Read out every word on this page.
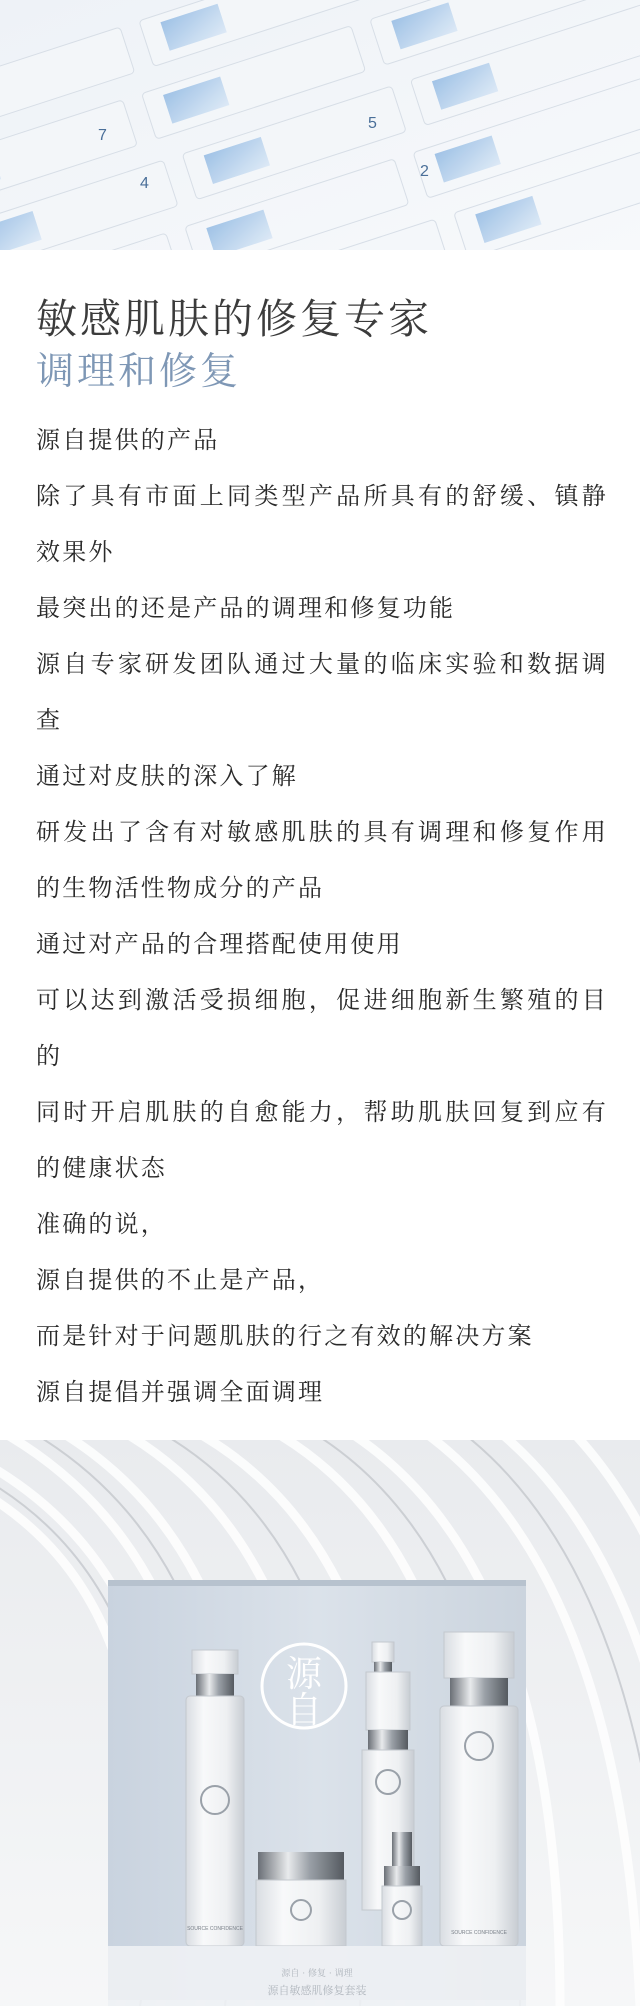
7
5
4
2
敏感肌肤的修复专家
调理和修复
源自提供的产品
除了具有市面上同类型产品所具有的舒缓、镇静效果外
最突出的还是产品的调理和修复功能
源自专家研发团队通过大量的临床实验和数据调查
通过对皮肤的深入了解
研发出了含有对敏感肌肤的具有调理和修复作用的生物活性物成分的产品
通过对产品的合理搭配使用使用
可以达到激活受损细胞，促进细胞新生繁殖的目的
同时开启肌肤的自愈能力，帮助肌肤回复到应有的健康状态
准确的说，
源自提供的不止是产品，
而是针对于问题肌肤的行之有效的解决方案
源自提倡并强调全面调理
源
自
SOURCE CONFIDENCE
SOURCE CONFIDENCE
源自 · 修复 · 调理
源自敏感肌修复套装
